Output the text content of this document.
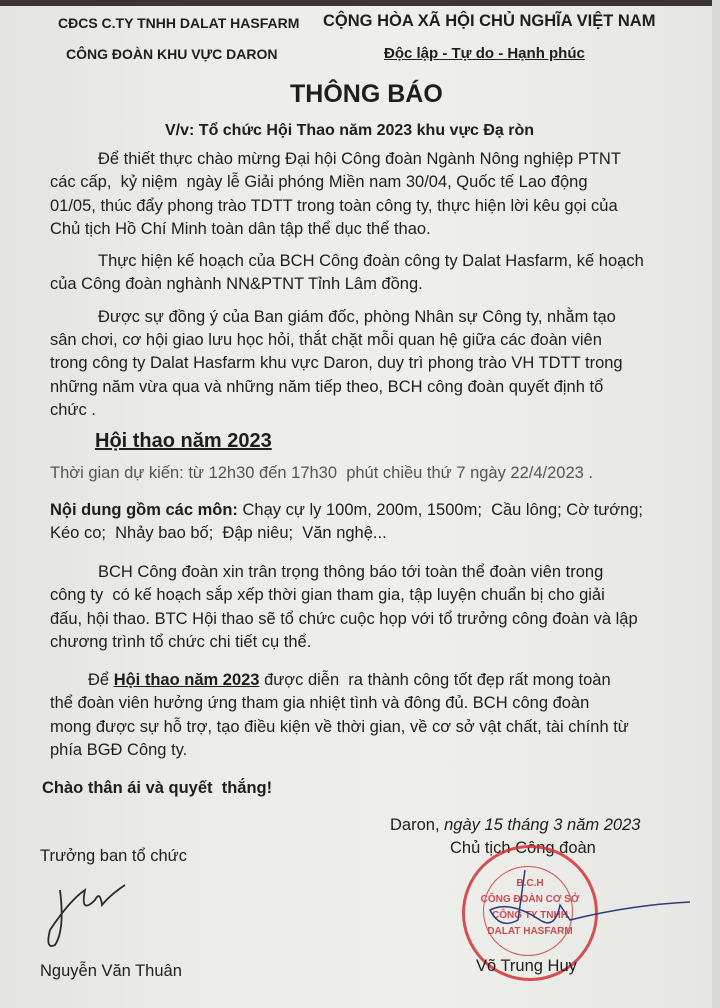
CĐCS C.TY TNHH DALAT HASFARM
CÔNG ĐOÀN KHU VỰC DARON
CỘNG HÒA XÃ HỘI CHỦ NGHĨA VIỆT NAM
Độc lập - Tự do - Hạnh phúc
THÔNG BÁO
V/v: Tổ chức Hội Thao năm 2023 khu vực Đạ ròn
Để thiết thực chào mừng Đại hội Công đoàn Ngành Nông nghiệp PTNT
các cấp,  kỷ niệm  ngày lễ Giải phóng Miền nam 30/04, Quốc tế Lao động
01/05, thúc đẩy phong trào TDTT trong toàn công ty, thực hiện lời kêu gọi của
Chủ tịch Hồ Chí Minh toàn dân tập thể dục thể thao.
Thực hiện kế hoạch của BCH Công đoàn công ty Dalat Hasfarm, kế hoạch
của Công đoàn nghành NN&PTNT Tỉnh Lâm đồng.
Được sự đồng ý của Ban giám đốc, phòng Nhân sự Công ty, nhằm tạo
sân chơi, cơ hội giao lưu học hỏi, thắt chặt mỗi quan hệ giữa các đoàn viên
trong công ty Dalat Hasfarm khu vực Daron, duy trì phong trào VH TDTT trong
những năm vừa qua và những năm tiếp theo, BCH công đoàn quyết định tổ
chức .
Hội thao năm 2023
Thời gian dự kiến: từ 12h30 đến 17h30  phút chiều thứ 7 ngày 22/4/2023 .
Nội dung gồm các môn: Chạy cự ly 100m, 200m, 1500m;  Cầu lông; Cờ tướng;
Kéo co;  Nhảy bao bố;  Đập niêu;  Văn nghệ...
BCH Công đoàn xin trân trọng thông báo tới toàn thể đoàn viên trong
công ty  có kế hoạch sắp xếp thời gian tham gia, tập luyện chuẩn bị cho giải
đấu, hội thao. BTC Hội thao sẽ tổ chức cuộc họp với tổ trưởng công đoàn và lập
chương trình tổ chức chi tiết cụ thể.
Để Hội thao năm 2023 được diễn  ra thành công tốt đẹp rất mong toàn
thể đoàn viên hưởng ứng tham gia nhiệt tình và đông đủ. BCH công đoàn
mong được sự hỗ trợ, tạo điều kiện về thời gian, về cơ sở vật chất, tài chính từ
phía BGĐ Công ty.
Chào thân ái và quyết  thắng!
Daron, ngày 15 tháng 3 năm 2023
Chủ tịch Công đoàn
Trưởng ban tổ chức
B.C.H
CÔNG ĐOÀN CƠ SỞ
CÔNG TY TNHH
DALAT HASFARM
Võ Trung Huy
Nguyễn Văn Thuân
